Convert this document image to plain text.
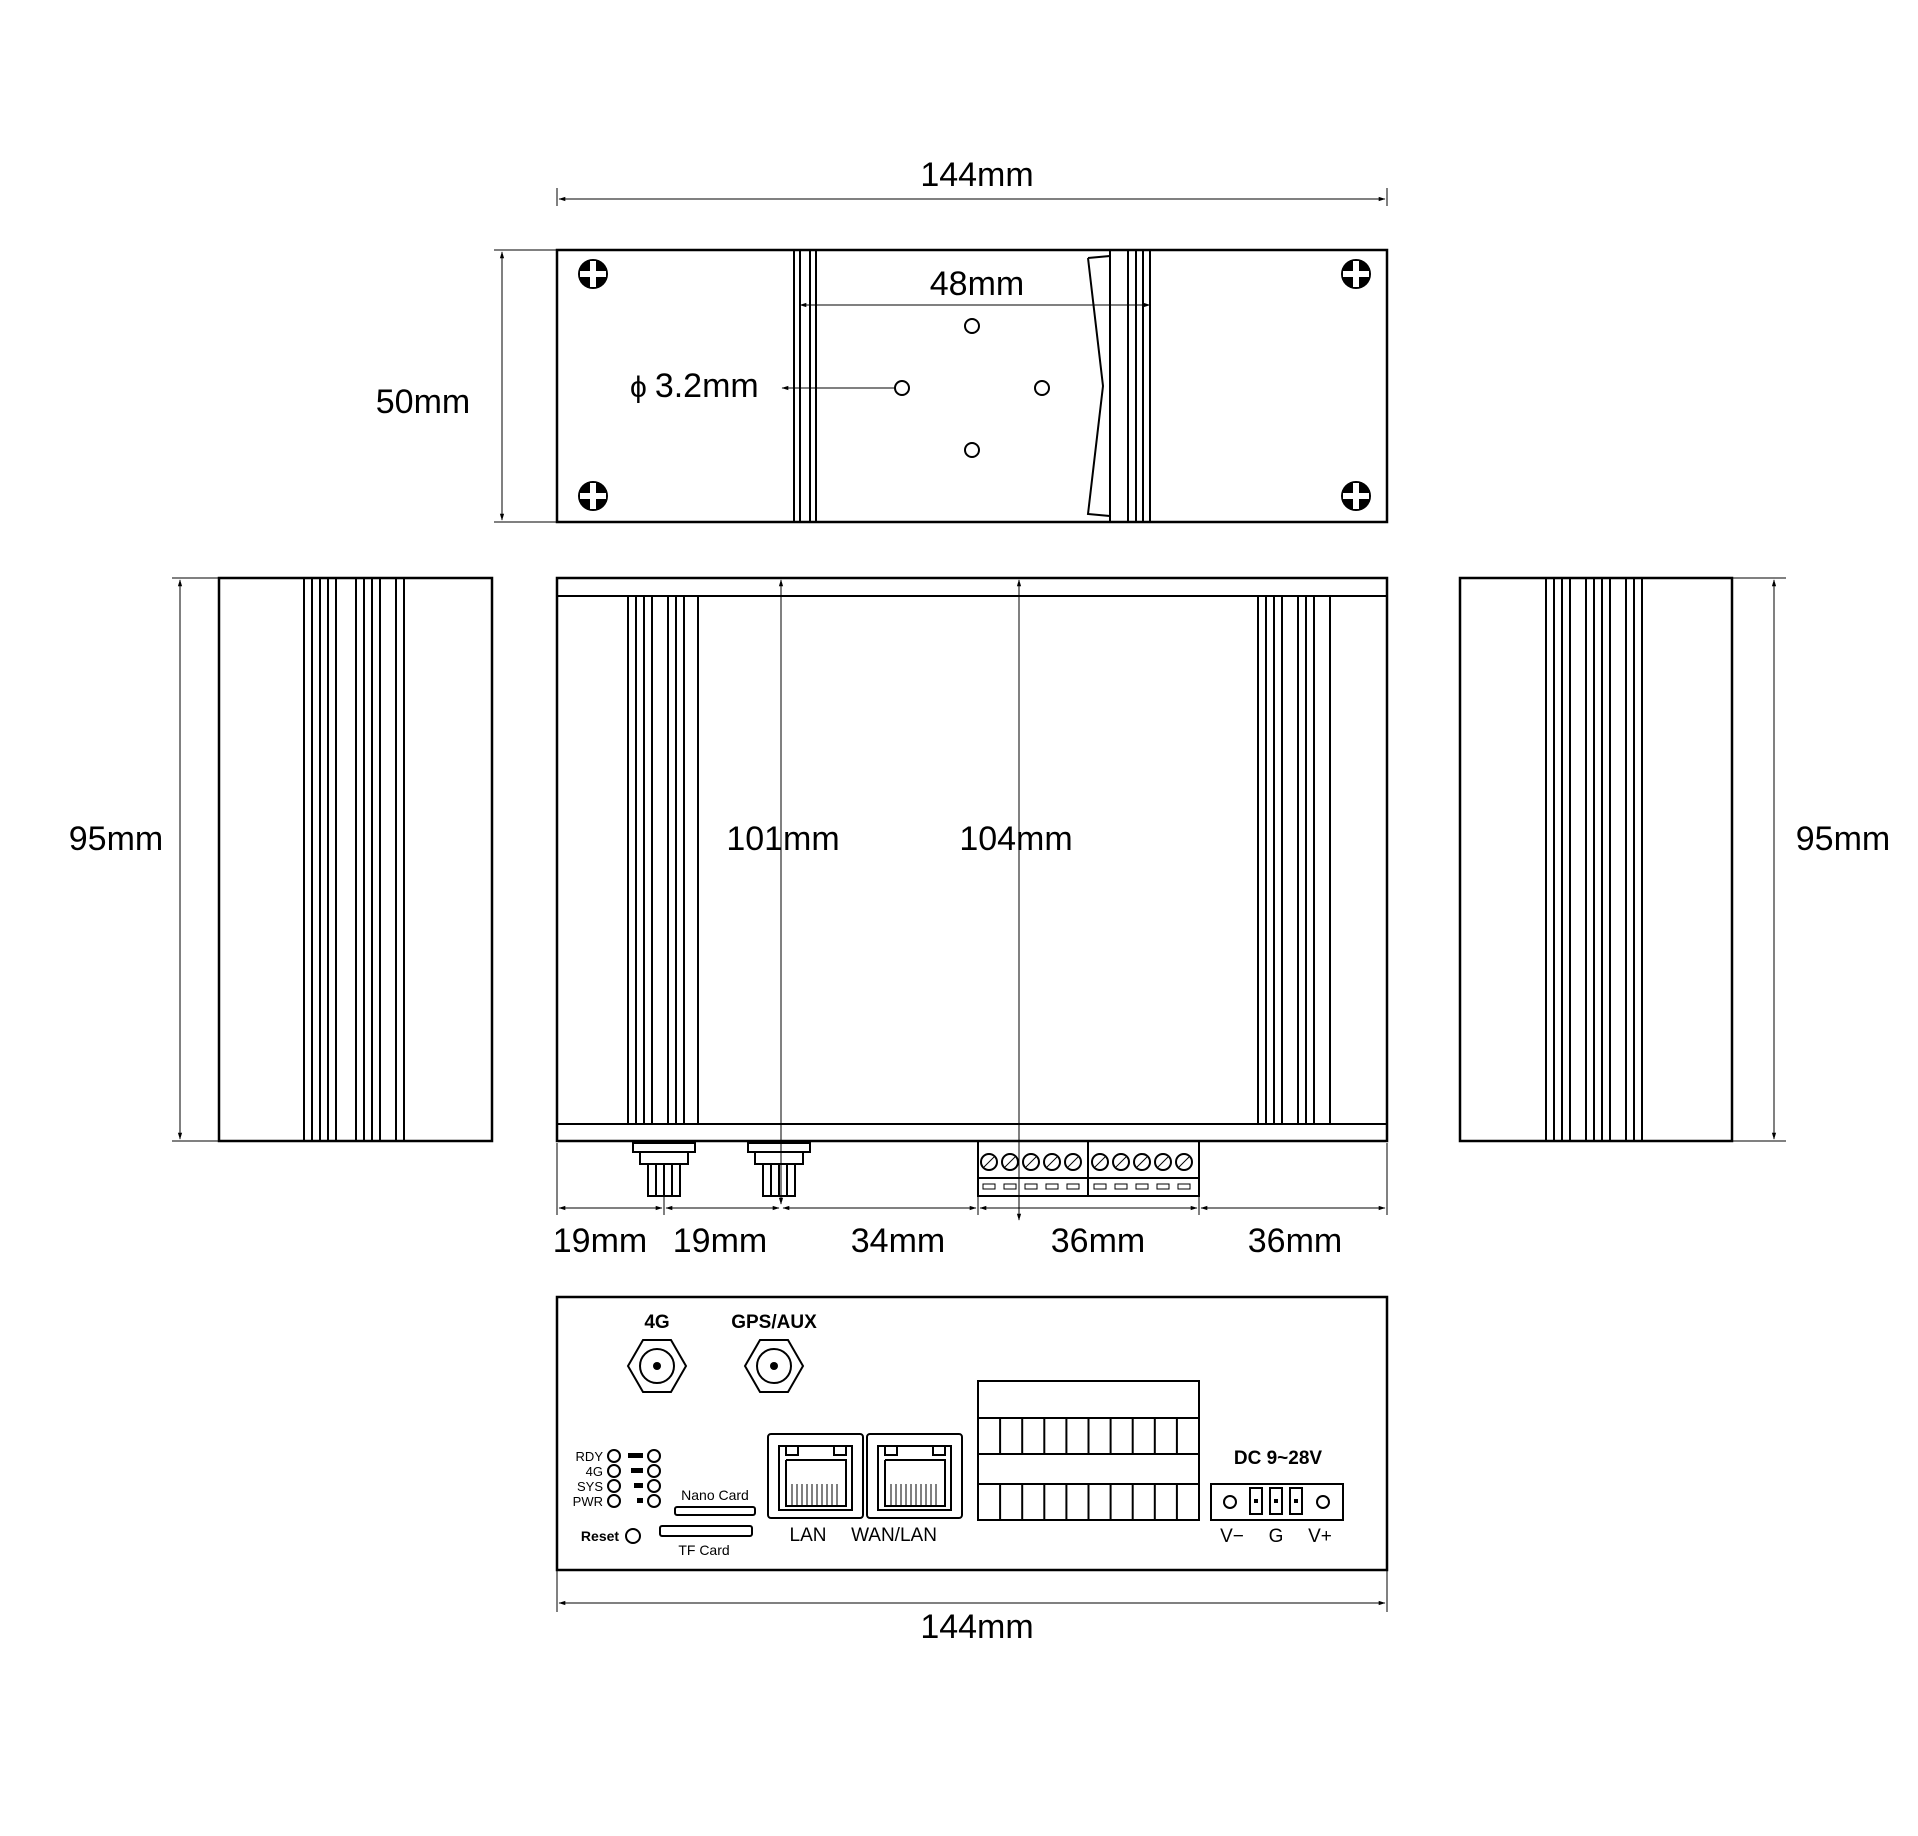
144mm
50mm
48mm
ϕ 3.2mm
95mm	95mm
101mm	104mm
19mm 19mm 34mm	36mm	36mm
4G	GPS/AUX
RDY
4G
SYS
PWR
Reset
Nano Card
TF Card
LAN WAN/LAN
DC 9~28V
V− G V+
144mm
